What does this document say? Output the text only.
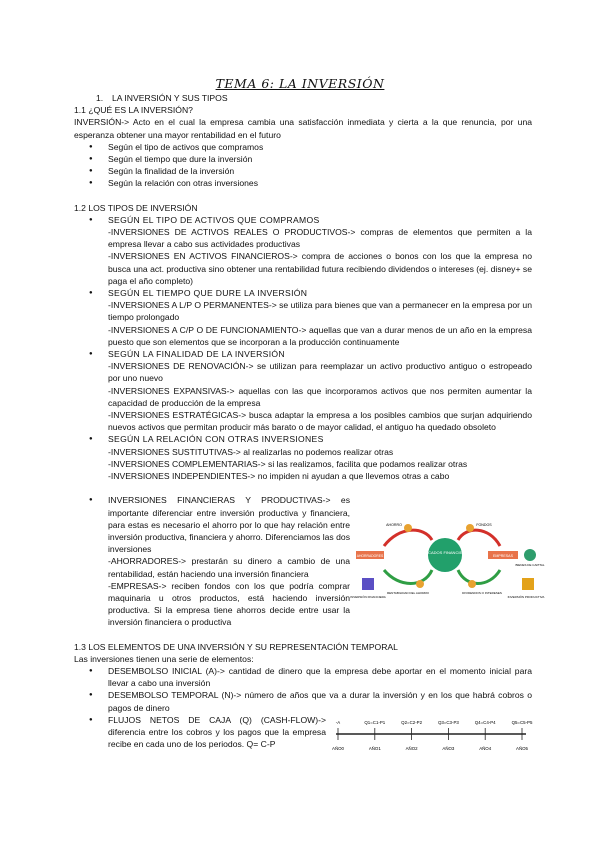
TEMA 6: LA INVERSIÓN

1. LA INVERSIÓN Y SUS TIPOS

1.1 ¿QUÉ ES LA INVERSIÓN?

INVERSIÓN-> Acto en el cual la empresa cambia una satisfacción inmediata y cierta a la que renuncia, por una esperanza obtener una mayor rentabilidad en el futuro

● Según el tipo de activos que compramos
● Según el tiempo que dure la inversión
● Según la finalidad de la inversión
● Según la relación con otras inversiones

1.2 LOS TIPOS DE INVERSIÓN

● SEGÚN EL TIPO DE ACTIVOS QUE COMPRAMOS

-INVERSIONES DE ACTIVOS REALES O PRODUCTIVOS-> compras de elementos que permiten a la empresa llevar a cabo sus actividades productivas

-INVERSIONES EN ACTIVOS FINANCIEROS-> compra de acciones o bonos con los que la empresa no busca una act. productiva sino obtener una rentabilidad futura recibiendo dividendos o intereses (ej. disney+ se paga el año completo)

● SEGÚN EL TIEMPO QUE DURE LA INVERSIÓN

-INVERSIONES A L/P O PERMANENTES-> se utiliza para bienes que van a permanecer en la empresa por un tiempo prolongado

-INVERSIONES A C/P O DE FUNCIONAMIENTO-> aquellas que van a durar menos de un año en la empresa puesto que son elementos que se incorporan a la producción continuamente

● SEGÚN LA FINALIDAD DE LA INVERSIÓN

-INVERSIONES DE RENOVACIÓN-> se utilizan para reemplazar un activo productivo antiguo o estropeado por uno nuevo

-INVERSIONES EXPANSIVAS-> aquellas con las que incorporamos activos que nos permiten aumentar la capacidad de producción de la empresa

-INVERSIONES ESTRATÉGICAS-> busca adaptar la empresa a los posibles cambios que surjan adquiriendo nuevos activos que permitan producir más barato o de mayor calidad, el antiguo ha quedado obsoleto

● SEGÚN LA RELACIÓN CON OTRAS INVERSIONES

-INVERSIONES SUSTITUTIVAS-> al realizarlas no podemos realizar otras

-INVERSIONES COMPLEMENTARIAS-> si las realizamos, facilita que podamos realizar otras

-INVERSIONES INDEPENDIENTES-> no impiden ni ayudan a que llevemos otras a cabo

● INVERSIONES FINANCIERAS Y PRODUCTIVAS-> es importante diferenciar entre inversión productiva y financiera, para estas es necesario el ahorro por lo que hay relación entre inversión productiva, financiera y ahorro. Diferenciamos las dos inversiones

-AHORRADORES-> prestarán su dinero a cambio de una rentabilidad, están haciendo una inversión financiera

-EMPRESAS-> reciben fondos con los que podría comprar maquinaria u otros productos, está haciendo inversión productiva. Si la empresa tiene ahorros decide entre usar la inversión financiera o productiva

MERCADOS FINANCIEROS
AHORRADORES	EMPRESAS
AHORRO	FONDOS
BIENES DE CAPITAL
RENTABILIDAD DEL AHORRO	DIVIDENDOS O INTERESES
INVERSIÓN FINANCIERA	INVERSIÓN PRODUCTIVA

1.3 LOS ELEMENTOS DE UNA INVERSIÓN Y SU REPRESENTACIÓN TEMPORAL

Las inversiones tienen una serie de elementos:

● DESEMBOLSO INICIAL (A)-> cantidad de dinero que la empresa debe aportar en el momento inicial para llevar a cabo una inversión
● DESEMBOLSO TEMPORAL (N)-> número de años que va a durar la inversión y en los que habrá cobros o pagos de dinero
● FLUJOS NETOS DE CAJA (Q) (CASH-FLOW)-> diferencia entre los cobros y los pagos que la empresa recibe en cada uno de los periodos. Q= C-P
-A
AÑO0
Q1=C1-P1
AÑO1
Q2=C2-P2
AÑO2
Q3=C3-P3
AÑO3
Q4=C4-P4
AÑO4
Q5=C5-P5
AÑO5
